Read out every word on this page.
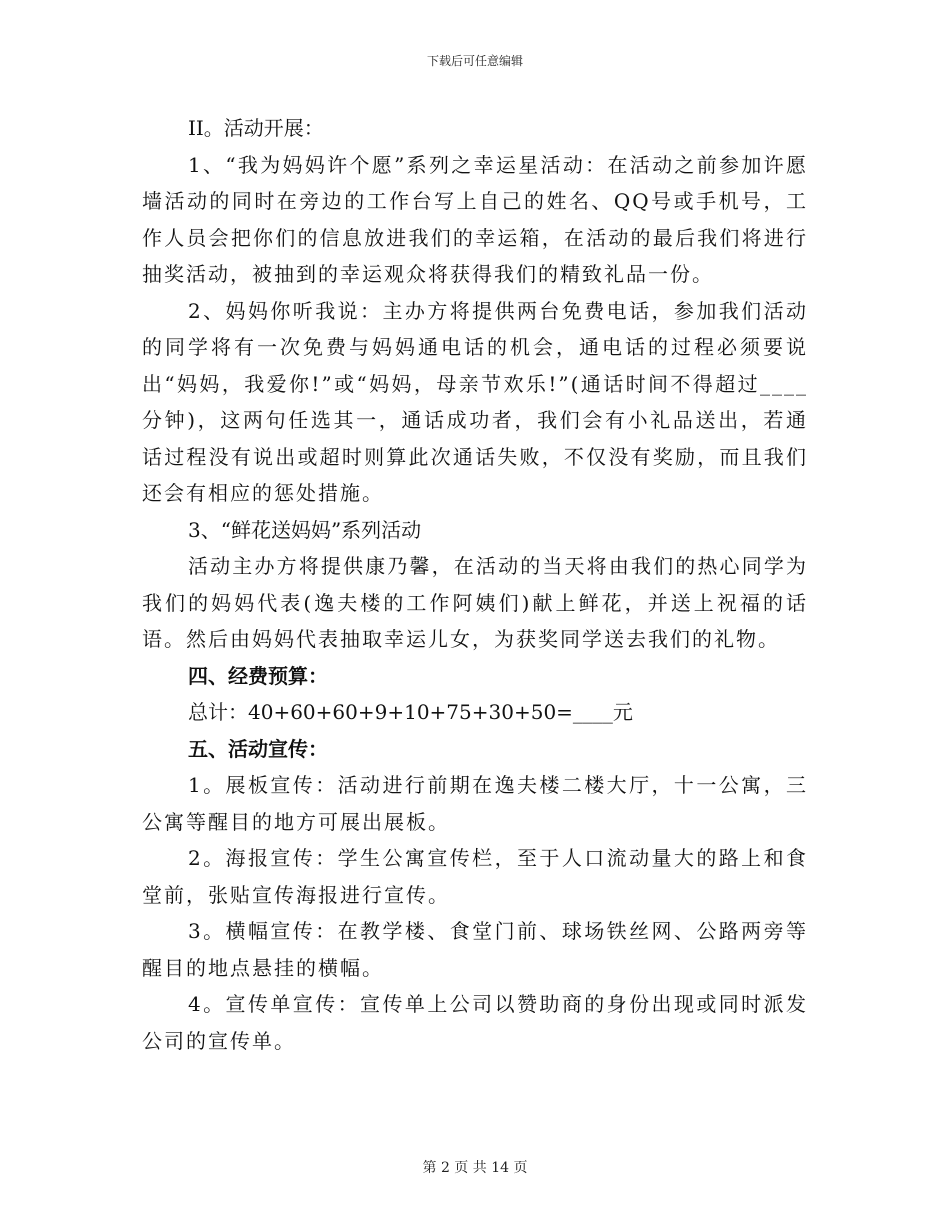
下载后可任意编辑

II。活动开展：

1、“我为妈妈许个愿”系列之幸运星活动：在活动之前参加许愿墙活动的同时在旁边的工作台写上自己的姓名、QQ号或手机号，工作人员会把你们的信息放进我们的幸运箱，在活动的最后我们将进行抽奖活动，被抽到的幸运观众将获得我们的精致礼品一份。

2、妈妈你听我说：主办方将提供两台免费电话，参加我们活动的同学将有一次免费与妈妈通电话的机会，通电话的过程必须要说出“妈妈，我爱你!”或“妈妈，母亲节欢乐!”(通话时间不得超过____分钟)，这两句任选其一，通话成功者，我们会有小礼品送出，若通话过程没有说出或超时则算此次通话失败，不仅没有奖励，而且我们还会有相应的惩处措施。

3、“鲜花送妈妈”系列活动

活动主办方将提供康乃馨，在活动的当天将由我们的热心同学为我们的妈妈代表(逸夫楼的工作阿姨们)献上鲜花，并送上祝福的话语。然后由妈妈代表抽取幸运儿女，为获奖同学送去我们的礼物。

四、经费预算：

总计：40+60+60+9+10+75+30+50=____元

五、活动宣传：

1。展板宣传：活动进行前期在逸夫楼二楼大厅，十一公寓，三公寓等醒目的地方可展出展板。

2。海报宣传：学生公寓宣传栏，至于人口流动量大的路上和食堂前，张贴宣传海报进行宣传。

3。横幅宣传：在教学楼、食堂门前、球场铁丝网、公路两旁等醒目的地点悬挂的横幅。

4。宣传单宣传：宣传单上公司以赞助商的身份出现或同时派发公司的宣传单。

第 2 页 共 14 页
